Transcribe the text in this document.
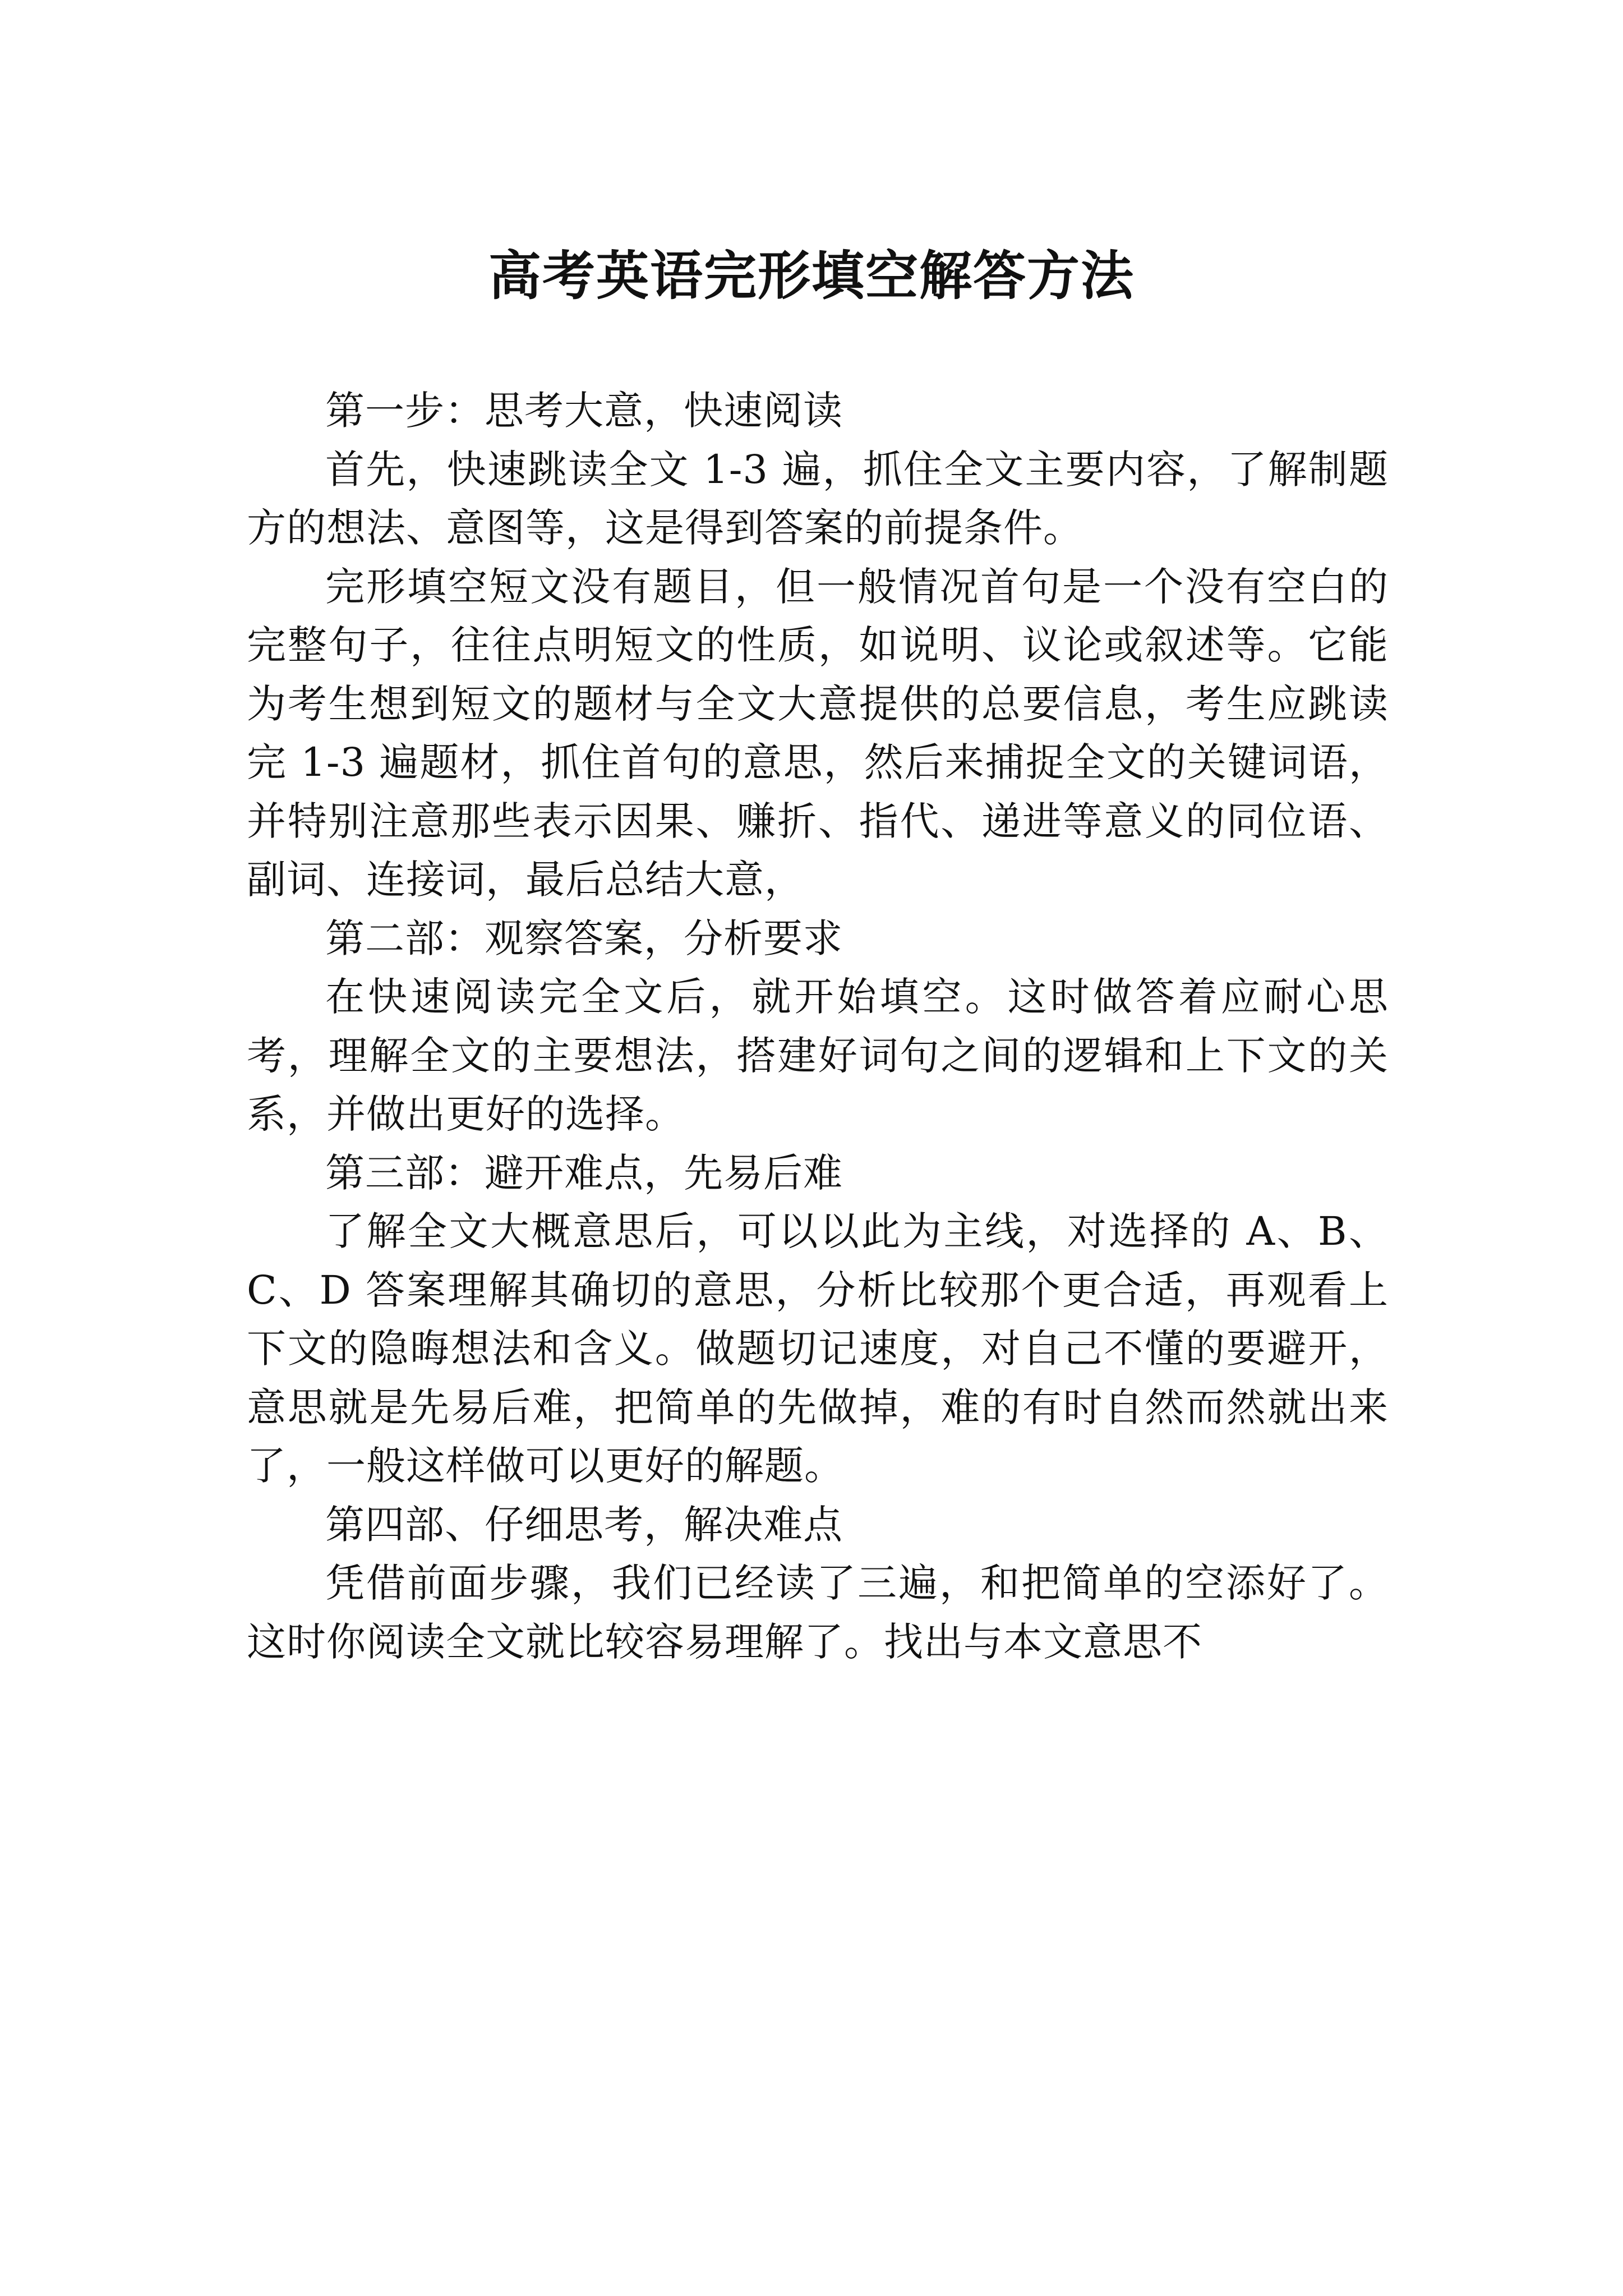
高考英语完形填空解答方法

第一步：思考大意，快速阅读

首先，快速跳读全文 1-3 遍，抓住全文主要内容，了解制题方的想法、意图等，这是得到答案的前提条件。

完形填空短文没有题目，但一般情况首句是一个没有空白的完整句子，往往点明短文的性质，如说明、议论或叙述等。它能为考生想到短文的题材与全文大意提供的总要信息，考生应跳读完 1-3 遍题材，抓住首句的意思，然后来捕捉全文的关键词语，并特别注意那些表示因果、赚折、指代、递进等意义的同位语、副词、连接词，最后总结大意，

第二部：观察答案，分析要求

在快速阅读完全文后，就开始填空。这时做答着应耐心思考，理解全文的主要想法，搭建好词句之间的逻辑和上下文的关系，并做出更好的选择。

第三部：避开难点，先易后难

了解全文大概意思后，可以以此为主线，对选择的 A、B、C、D 答案理解其确切的意思，分析比较那个更合适，再观看上下文的隐晦想法和含义。做题切记速度，对自己不懂的要避开，意思就是先易后难，把简单的先做掉，难的有时自然而然就出来了，一般这样做可以更好的解题。

第四部、仔细思考，解决难点

凭借前面步骤，我们已经读了三遍，和把简单的空添好了。这时你阅读全文就比较容易理解了。找出与本文意思不
